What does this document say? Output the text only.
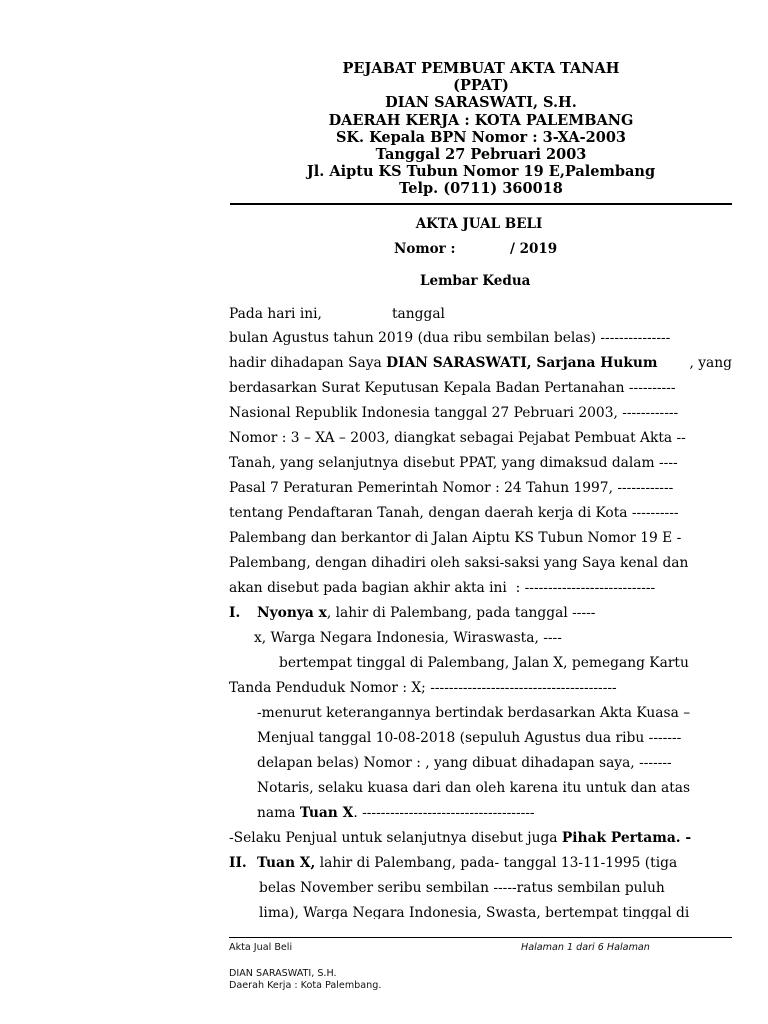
PEJABAT PEMBUAT AKTA TANAH
(PPAT)
DIAN SARASWATI, S.H.
DAERAH KERJA : KOTA PALEMBANG
SK. Kepala BPN Nomor : 3-XA-2003
Tanggal 27 Pebruari 2003
Jl. Aiptu KS Tubun Nomor 19 E,Palembang
Telp. (0711) 360018
AKTA JUAL BELI
Nomor :	/ 2019
Lembar Kedua
Pada hari ini,	tanggal
bulan Agustus tahun 2019 (dua ribu sembilan belas) ---------------
hadir dihadapan Saya DIAN SARASWATI, Sarjana Hukum , yang
berdasarkan Surat Keputusan Kepala Badan Pertanahan ----------
Nasional Republik Indonesia tanggal 27 Pebruari 2003, ------------
Nomor : 3 – XA – 2003, diangkat sebagai Pejabat Pembuat Akta --
Tanah, yang selanjutnya disebut PPAT, yang dimaksud dalam ----
Pasal 7 Peraturan Pemerintah Nomor : 24 Tahun 1997, ------------
tentang Pendaftaran Tanah, dengan daerah kerja di Kota ----------
Palembang dan berkantor di Jalan Aiptu KS Tubun Nomor 19 E -
Palembang, dengan dihadiri oleh saksi-saksi yang Saya kenal dan
akan disebut pada bagian akhir akta ini  : ----------------------------
I. Nyonya x, lahir di Palembang, pada tanggal -----
x, Warga Negara Indonesia, Wiraswasta, ----
bertempat tinggal di Palembang, Jalan X, pemegang Kartu
Tanda Penduduk Nomor : X; ----------------------------------------
-menurut keterangannya bertindak berdasarkan Akta Kuasa –
Menjual tanggal 10-08-2018 (sepuluh Agustus dua ribu -------
delapan belas) Nomor : , yang dibuat dihadapan saya, -------
Notaris, selaku kuasa dari dan oleh karena itu untuk dan atas
nama Tuan X. -------------------------------------
-Selaku Penjual untuk selanjutnya disebut juga Pihak Pertama. -
II. Tuan X, lahir di Palembang, pada- tanggal 13-11-1995 (tiga
belas November seribu sembilan -----ratus sembilan puluh
lima), Warga Negara Indonesia, Swasta, bertempat tinggal di
Akta Jual Beli	Halaman 1 dari 6 Halaman
DIAN SARASWATI, S.H.
Daerah Kerja : Kota Palembang.
